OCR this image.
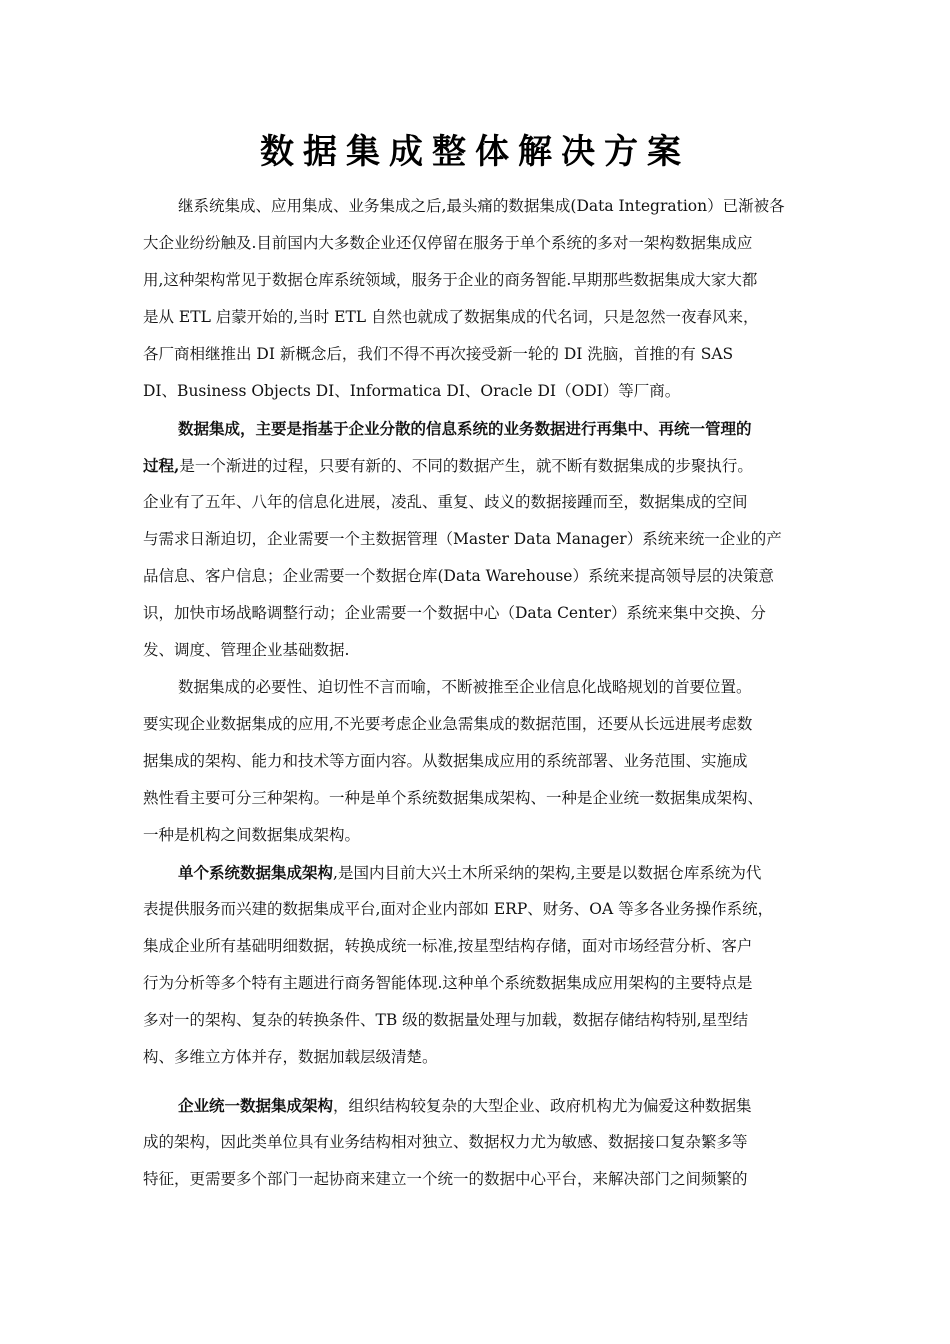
数据集成整体解决方案
继系统集成、应用集成、业务集成之后,最头痛的数据集成(Data Integration）已渐被各
大企业纷纷触及.目前国内大多数企业还仅停留在服务于单个系统的多对一架构数据集成应
用,这种架构常见于数据仓库系统领域，服务于企业的商务智能.早期那些数据集成大家大都
是从 ETL 启蒙开始的,当时 ETL 自然也就成了数据集成的代名词，只是忽然一夜春风来，
各厂商相继推出 DI 新概念后，我们不得不再次接受新一轮的 DI 洗脑，首推的有 SAS
DI、Business Objects DI、Informatica DI、Oracle DI（ODI）等厂商。
数据集成，主要是指基于企业分散的信息系统的业务数据进行再集中、再统一管理的
过程,是一个渐进的过程，只要有新的、不同的数据产生，就不断有数据集成的步聚执行。
企业有了五年、八年的信息化进展，凌乱、重复、歧义的数据接踵而至，数据集成的空间
与需求日渐迫切，企业需要一个主数据管理（Master Data Manager）系统来统一企业的产
品信息、客户信息；企业需要一个数据仓库(Data Warehouse）系统来提高领导层的决策意
识，加快市场战略调整行动；企业需要一个数据中心（Data Center）系统来集中交换、分
发、调度、管理企业基础数据.
数据集成的必要性、迫切性不言而喻，不断被推至企业信息化战略规划的首要位置。
要实现企业数据集成的应用,不光要考虑企业急需集成的数据范围，还要从长远进展考虑数
据集成的架构、能力和技术等方面内容。从数据集成应用的系统部署、业务范围、实施成
熟性看主要可分三种架构。一种是单个系统数据集成架构、一种是企业统一数据集成架构、
一种是机构之间数据集成架构。
单个系统数据集成架构,是国内目前大兴土木所采纳的架构,主要是以数据仓库系统为代
表提供服务而兴建的数据集成平台,面对企业内部如 ERP、财务、OA 等多各业务操作系统，
集成企业所有基础明细数据，转换成统一标准,按星型结构存储，面对市场经营分析、客户
行为分析等多个特有主题进行商务智能体现.这种单个系统数据集成应用架构的主要特点是
多对一的架构、复杂的转换条件、TB 级的数据量处理与加载，数据存储结构特别,星型结
构、多维立方体并存，数据加载层级清楚。
企业统一数据集成架构，组织结构较复杂的大型企业、政府机构尤为偏爱这种数据集
成的架构，因此类单位具有业务结构相对独立、数据权力尤为敏感、数据接口复杂繁多等
特征，更需要多个部门一起协商来建立一个统一的数据中心平台，来解决部门之间频繁的
